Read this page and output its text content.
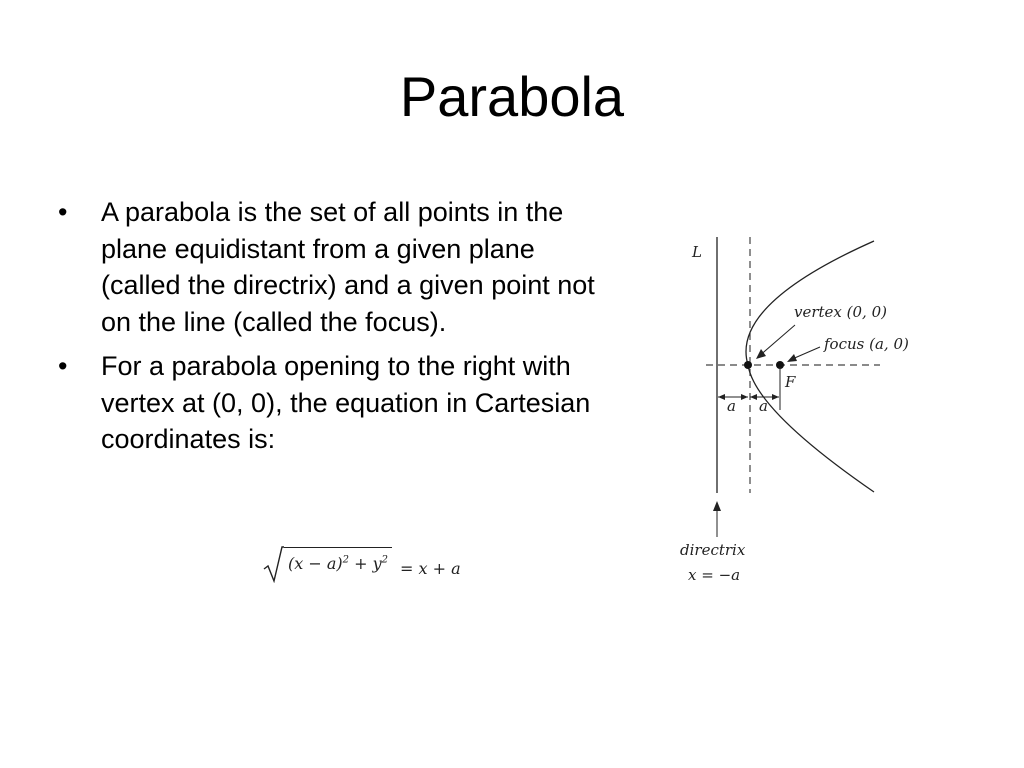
Parabola
• A parabola is the set of all points in the plane equidistant from a given plane (called the directrix) and a given point not on the line (called the focus).
• For a parabola opening to the right with vertex at (0, 0), the equation in Cartesian coordinates is:
$(x - a)^2 + y^2 = x + a$
L
vertex (0, 0)
focus (a, 0)
F
a a
directrix
x = −a
